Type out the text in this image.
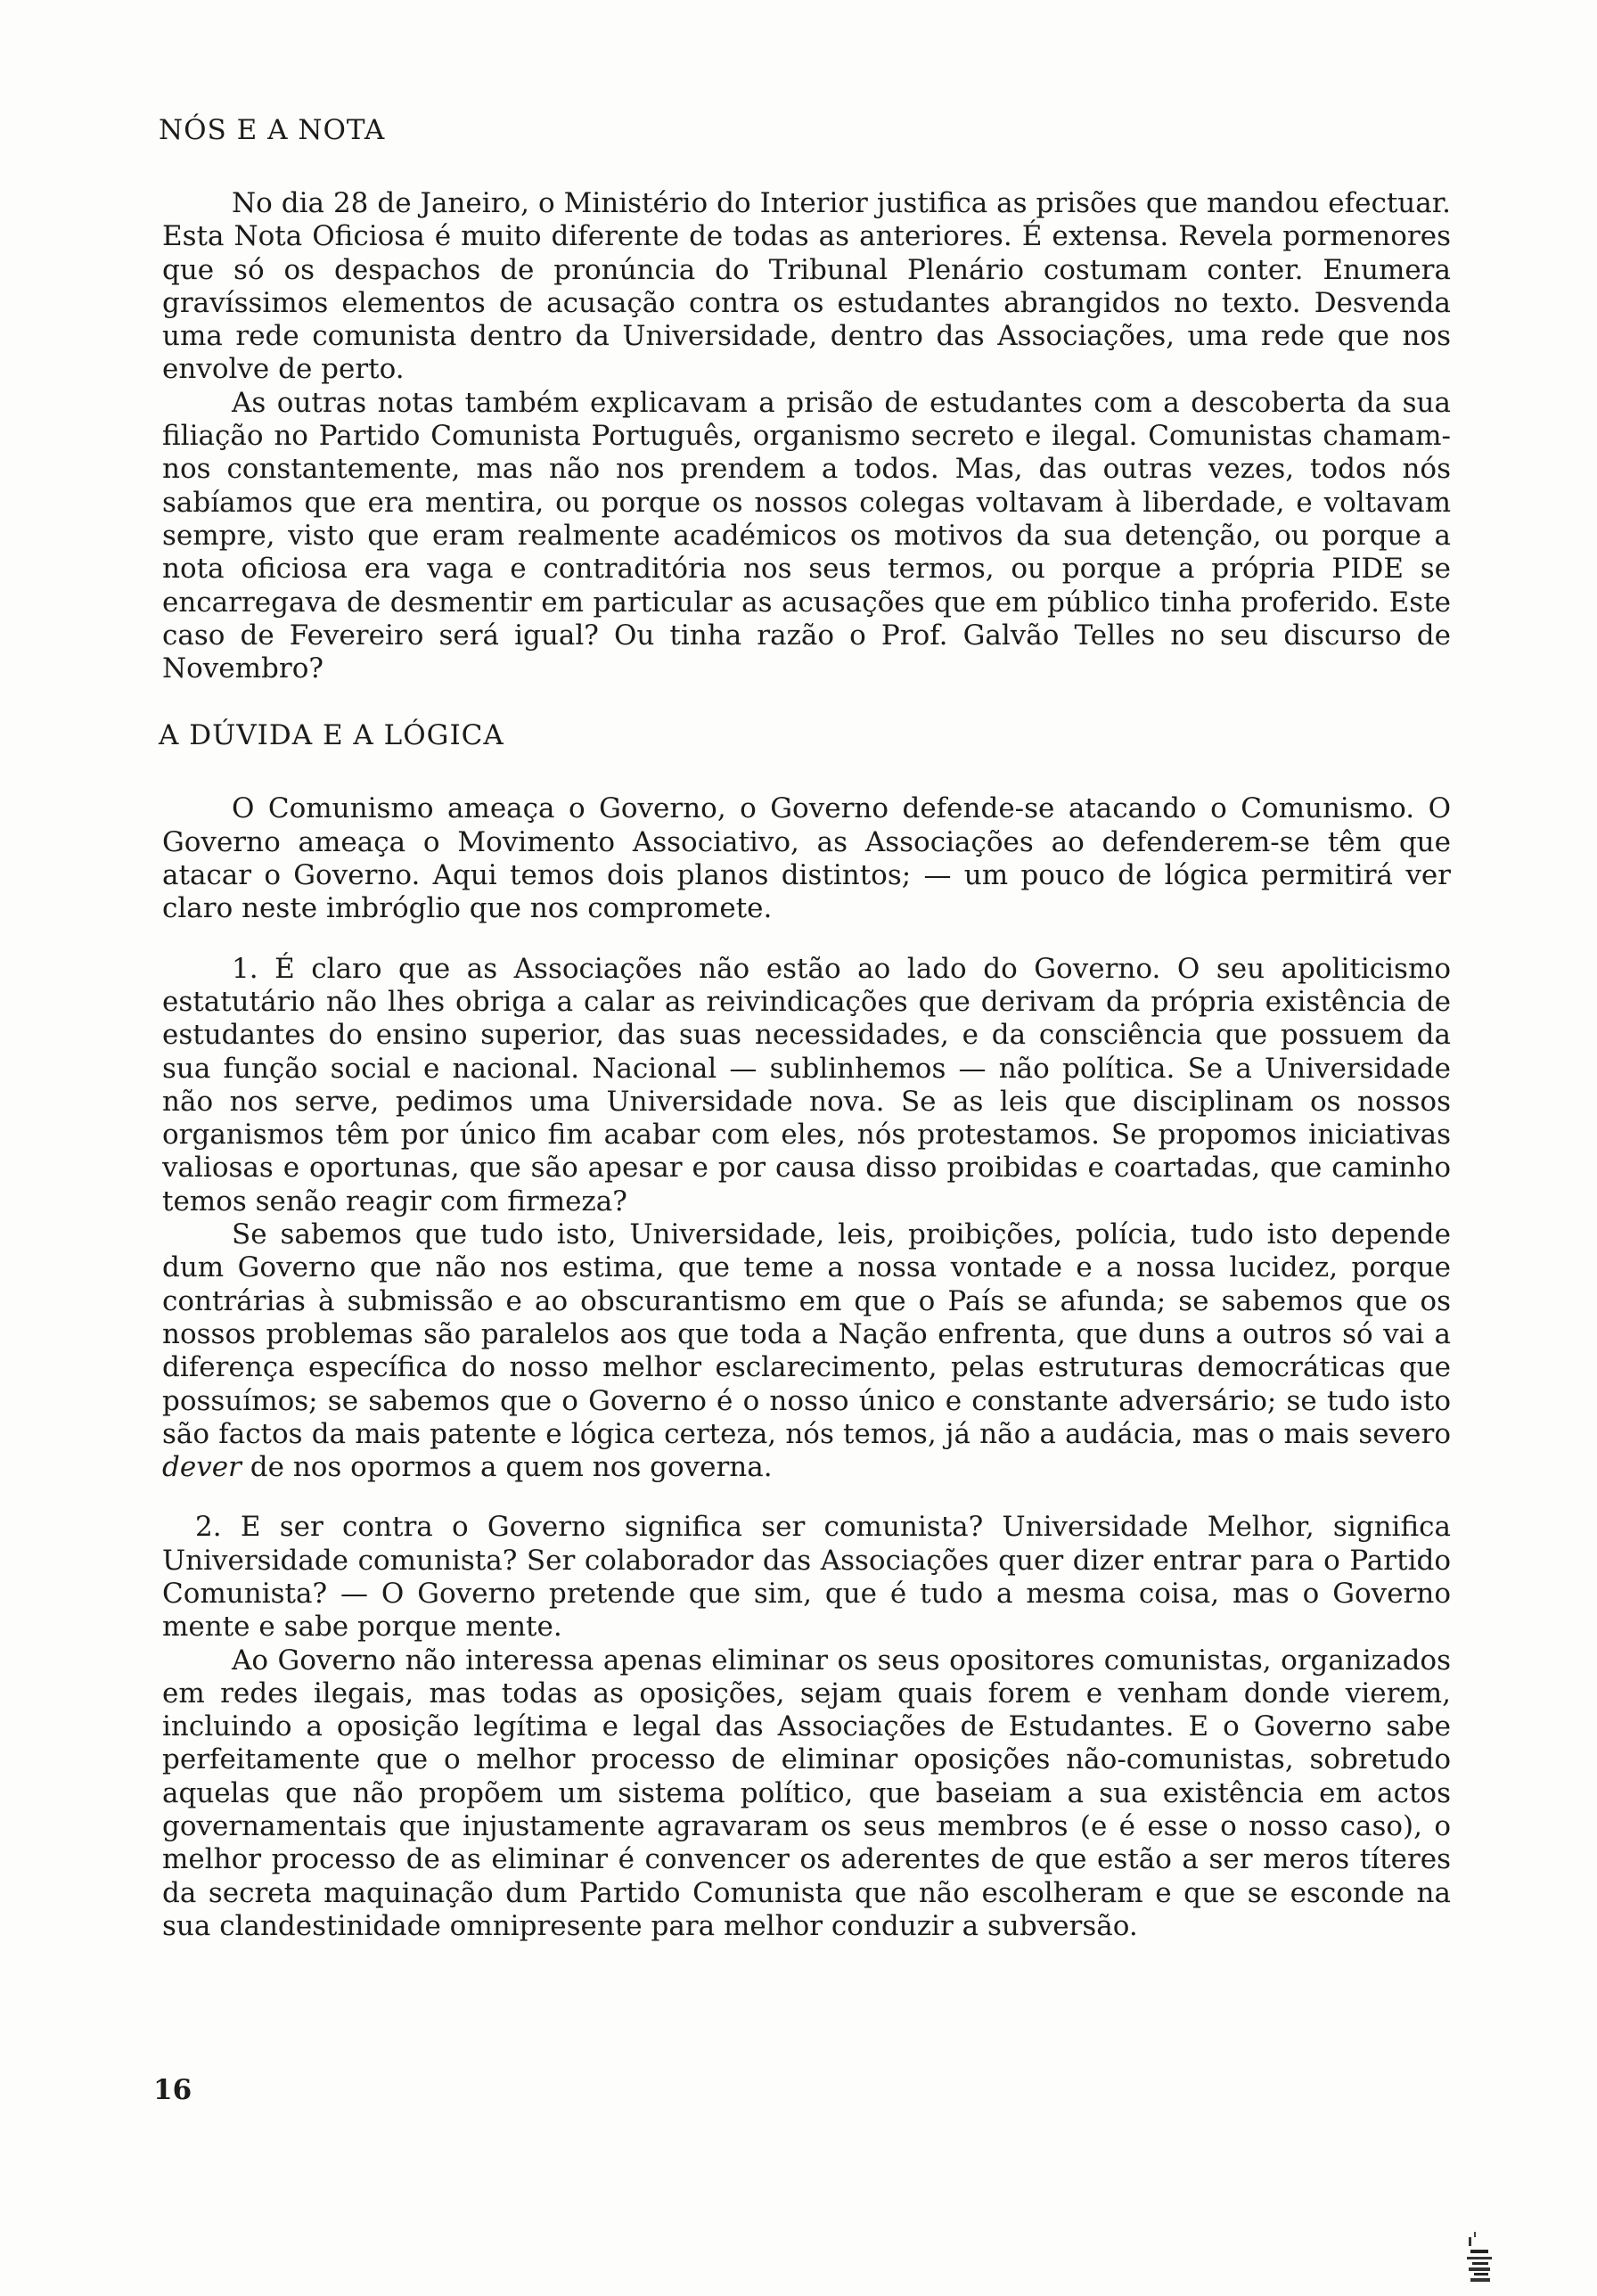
NÓS E A NOTA

No dia 28 de Janeiro, o Ministério do Interior justifica as prisões que mandou efectuar. Esta Nota Oficiosa é muito diferente de todas as anteriores. É extensa. Revela pormenores que só os despachos de pronúncia do Tribunal Plenário costumam conter. Enumera gravíssimos elementos de acusação contra os estudantes abrangidos no texto. Desvenda uma rede comunista dentro da Universidade, dentro das Associações, uma rede que nos envolve de perto.

As outras notas também explicavam a prisão de estudantes com a descoberta da sua filiação no Partido Comunista Português, organismo secreto e ilegal. Comunistas chamam-nos constantemente, mas não nos prendem a todos. Mas, das outras vezes, todos nós sabíamos que era mentira, ou porque os nossos colegas voltavam à liberdade, e voltavam sempre, visto que eram realmente académicos os motivos da sua detenção, ou porque a nota oficiosa era vaga e contraditória nos seus termos, ou porque a própria PIDE se encarregava de desmentir em particular as acusações que em público tinha proferido. Este caso de Fevereiro será igual? Ou tinha razão o Prof. Galvão Telles no seu discurso de Novembro?

A DÚVIDA E A LÓGICA

O Comunismo ameaça o Governo, o Governo defende-se atacando o Comunismo. O Governo ameaça o Movimento Associativo, as Associações ao defenderem-se têm que atacar o Governo. Aqui temos dois planos distintos; — um pouco de lógica permitirá ver claro neste imbróglio que nos compromete.

1. É claro que as Associações não estão ao lado do Governo. O seu apoliticismo estatutário não lhes obriga a calar as reivindicações que derivam da própria existência de estudantes do ensino superior, das suas necessidades, e da consciência que possuem da sua função social e nacional. Nacional — sublinhemos — não política. Se a Universidade não nos serve, pedimos uma Universidade nova. Se as leis que disciplinam os nossos organismos têm por único fim acabar com eles, nós protestamos. Se propomos iniciativas valiosas e oportunas, que são apesar e por causa disso proibidas e coartadas, que caminho temos senão reagir com firmeza?

Se sabemos que tudo isto, Universidade, leis, proibições, polícia, tudo isto depende dum Governo que não nos estima, que teme a nossa vontade e a nossa lucidez, porque contrárias à submissão e ao obscurantismo em que o País se afunda; se sabemos que os nossos problemas são paralelos aos que toda a Nação enfrenta, que duns a outros só vai a diferença específica do nosso melhor esclarecimento, pelas estruturas democráticas que possuímos; se sabemos que o Governo é o nosso único e constante adversário; se tudo isto são factos da mais patente e lógica certeza, nós temos, já não a audácia, mas o mais severo dever de nos opormos a quem nos governa.

2. E ser contra o Governo significa ser comunista? Universidade Melhor, significa Universidade comunista? Ser colaborador das Associações quer dizer entrar para o Partido Comunista? — O Governo pretende que sim, que é tudo a mesma coisa, mas o Governo mente e sabe porque mente.

Ao Governo não interessa apenas eliminar os seus opositores comunistas, organizados em redes ilegais, mas todas as oposições, sejam quais forem e venham donde vierem, incluindo a oposição legítima e legal das Associações de Estudantes. E o Governo sabe perfeitamente que o melhor processo de eliminar oposições não-comunistas, sobretudo aquelas que não propõem um sistema político, que baseiam a sua existência em actos governamentais que injustamente agravaram os seus membros (e é esse o nosso caso), o melhor processo de as eliminar é convencer os aderentes de que estão a ser meros títeres da secreta maquinação dum Partido Comunista que não escolheram e que se esconde na sua clandestinidade omnipresente para melhor conduzir a subversão.

16
